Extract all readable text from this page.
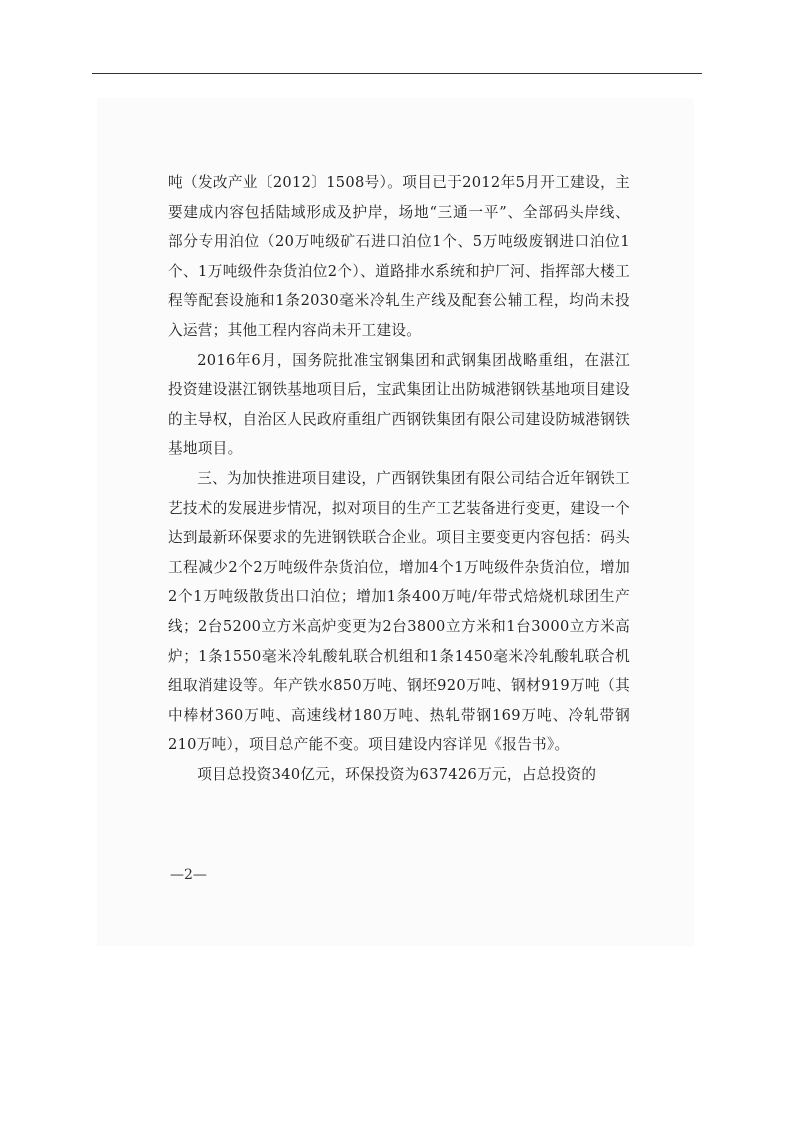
吨（发改产业〔2012〕1508号）。项目已于2012年5月开工建设，主要建成内容包括陆域形成及护岸，场地“三通一平”、全部码头岸线、部分专用泊位（20万吨级矿石进口泊位1个、5万吨级废钢进口泊位1个、1万吨级件杂货泊位2个）、道路排水系统和护厂河、指挥部大楼工程等配套设施和1条2030毫米冷轧生产线及配套公辅工程，均尚未投入运营；其他工程内容尚未开工建设。

2016年6月，国务院批准宝钢集团和武钢集团战略重组，在湛江投资建设湛江钢铁基地项目后，宝武集团让出防城港钢铁基地项目建设的主导权，自治区人民政府重组广西钢铁集团有限公司建设防城港钢铁基地项目。

三、为加快推进项目建设，广西钢铁集团有限公司结合近年钢铁工艺技术的发展进步情况，拟对项目的生产工艺装备进行变更，建设一个达到最新环保要求的先进钢铁联合企业。项目主要变更内容包括：码头工程减少2个2万吨级件杂货泊位，增加4个1万吨级件杂货泊位，增加2个1万吨级散货出口泊位；增加1条400万吨/年带式焙烧机球团生产线；2台5200立方米高炉变更为2台3800立方米和1台3000立方米高炉；1条1550毫米冷轧酸轧联合机组和1条1450毫米冷轧酸轧联合机组取消建设等。年产铁水850万吨、钢坯920万吨、钢材919万吨（其中棒材360万吨、高速线材180万吨、热轧带钢169万吨、冷轧带钢210万吨），项目总产能不变。项目建设内容详见《报告书》。

项目总投资340亿元，环保投资为637426万元，占总投资的

—2—
